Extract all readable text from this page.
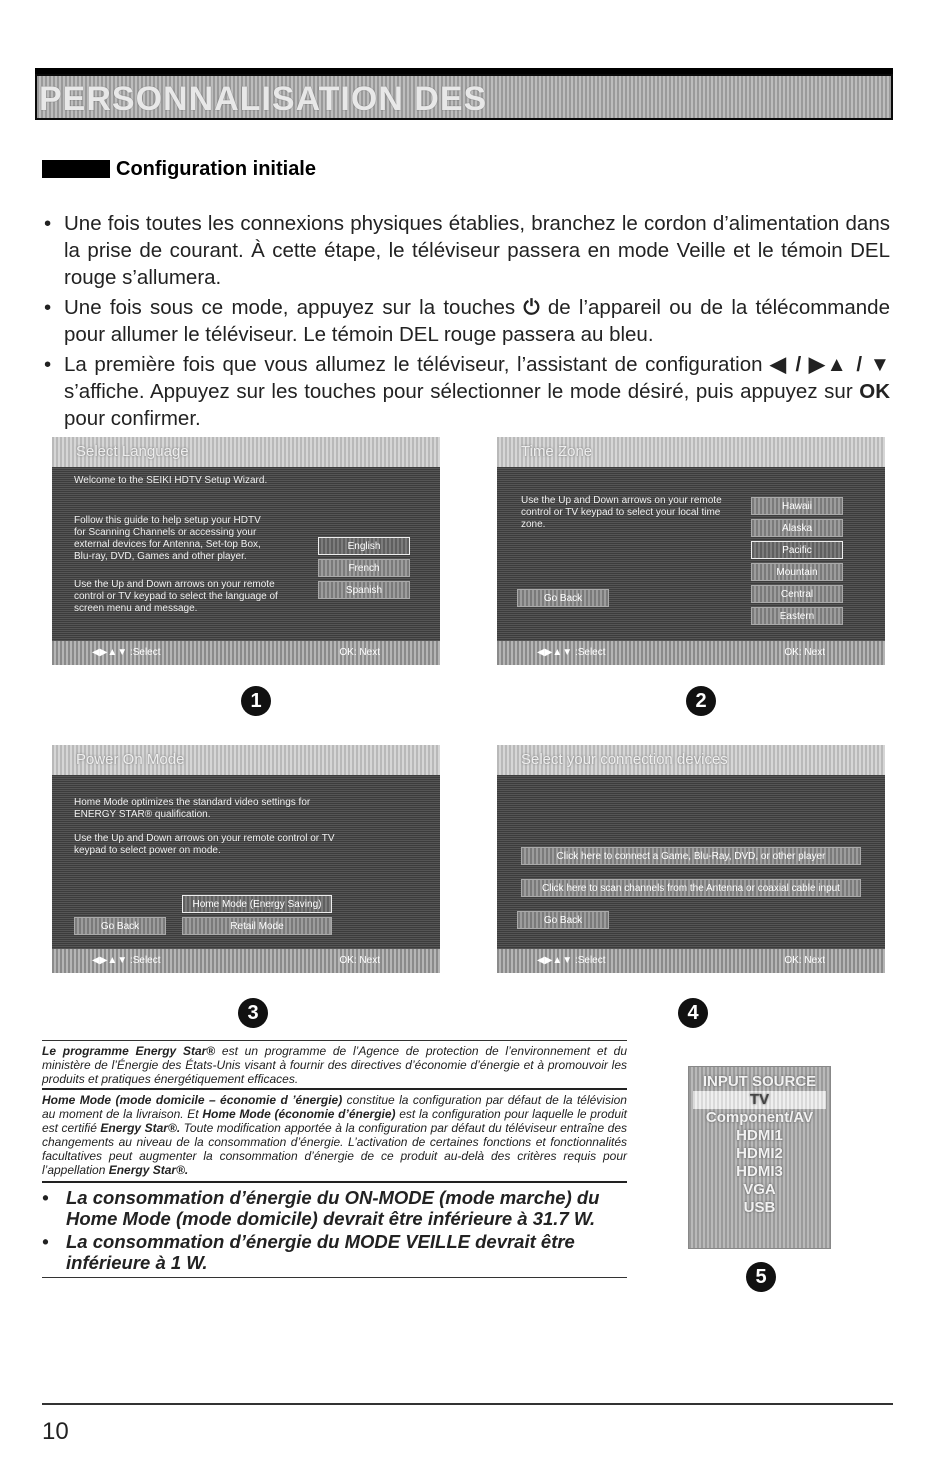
PERSONNALISATION DES
Configuration initiale
• Une fois toutes les connexions physiques établies, branchez le cordon d’alimentation dans la prise de courant. À cette étape, le téléviseur passera en mode Veille et le témoin DEL rouge s’allumera.
• Une fois sous ce mode, appuyez sur la touches ⏻ de l’appareil ou de la télécommande pour allumer le téléviseur. Le témoin DEL rouge passera au bleu.
• La première fois que vous allumez le téléviseur, l’assistant de configuration ◀ / ▶▲ / ▼ s’affiche. Appuyez sur les touches pour sélectionner le mode désiré, puis appuyez sur OK pour confirmer.
Select Language
Welcome to the SEIKI HDTV Setup Wizard.
Follow this guide to help setup your HDTV for Scanning Channels or accessing your external devices for Antenna, Set-top Box, Blu-ray, DVD, Games and other player.
Use the Up and Down arrows on your remote control or TV keypad to select the language of screen menu and message.
English
French
Spanish
◀▶▲▼ :Select	OK: Next
1
Time Zone
Use the Up and Down arrows on your remote control or TV keypad to select your local time zone.
Go Back
Hawaii
Alaska
Pacific
Mountain
Central
Eastern
◀▶▲▼ :Select	OK: Next
2
Power On Mode
Home Mode optimizes the standard video settings for ENERGY STAR® qualification.
Use the Up and Down arrows on your remote control or TV keypad to select power on mode.
Home Mode (Energy Saving)
Retail Mode
Go Back
◀▶▲▼ :Select	OK: Next
3
Select your connection devices
Click here to connect a Game, Blu-Ray, DVD, or other player
Click here to scan channels from the Antenna or coaxial cable input
Go Back
◀▶▲▼ :Select	OK: Next
4
Le programme Energy Star® est un programme de l’Agence de protection de l’environnement et du ministère de l’Énergie des États-Unis visant à fournir des directives d’économie d’énergie et à promouvoir les produits et pratiques énergétiquement efficaces.
Home Mode (mode domicile – économie d ’énergie) constitue la configuration par défaut de la télévision au moment de la livraison. Et Home Mode (économie d’énergie) est la configuration pour laquelle le produit est certifié Energy Star®. Toute modification apportée à la configuration par défaut du téléviseur entraîne des changements au niveau de la consommation d’énergie. L’activation de certaines fonctions et fonctionnalités facultatives peut augmenter la consommation d’énergie de ce produit au-delà des critères requis pour l’appellation Energy Star®.
• La consommation d’énergie du ON-MODE (mode marche) du Home Mode (mode domicile) devrait être inférieure à 31.7 W.
• La consommation d’énergie du MODE VEILLE devrait être inférieure à 1 W.
INPUT SOURCE
TV
Component/AV
HDMI1
HDMI2
HDMI3
VGA
USB
5
10
